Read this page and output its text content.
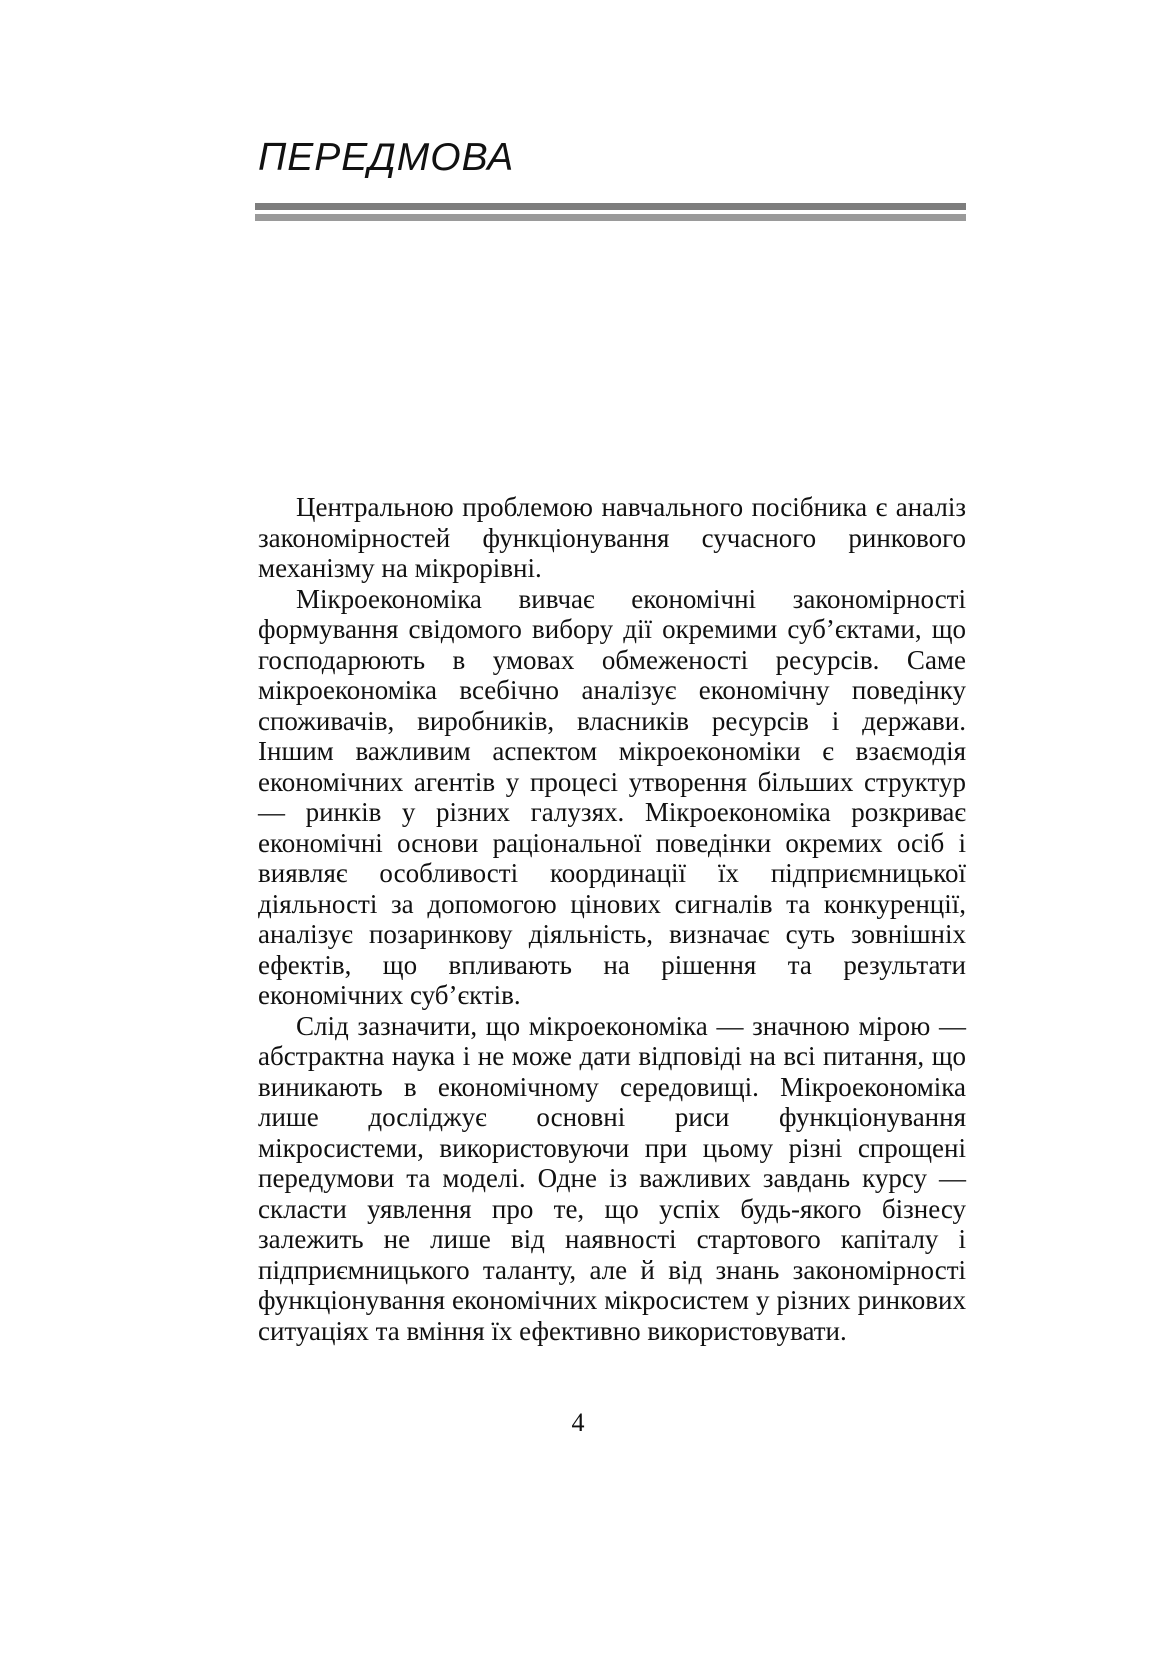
ПЕРЕДМОВА

Центральною проблемою навчального посібника є аналіз закономірностей функціонування сучасного ринкового механізму на мікрорівні.

Мікроекономіка вивчає економічні закономірності формування свідомого вибору дії окремими суб’єктами, що господарюють в умовах обмеженості ресурсів. Саме мікроекономіка всебічно аналізує економічну поведінку споживачів, виробників, власників ресурсів і держави. Іншим важливим аспектом мікроекономіки є взаємодія економічних агентів у процесі утворення більших структур — ринків у різних галузях. Мікроекономіка розкриває економічні основи раціональної поведінки окремих осіб і виявляє особливості координації їх підприємницької діяльності за допомогою цінових сигналів та конкуренції, аналізує позаринкову діяльність, визначає суть зовнішніх ефектів, що впливають на рішення та результати економічних суб’єктів.

Слід зазначити, що мікроекономіка — значною мірою — абстрактна наука і не може дати відповіді на всі питання, що виникають в економічному середовищі. Мікроекономіка лише досліджує основні риси функціонування мікросистеми, використовуючи при цьому різні спрощені передумови та моделі. Одне із важливих завдань курсу — скласти уявлення про те, що успіх будь-якого бізнесу залежить не лише від наявності стартового капіталу і підприємницького таланту, але й від знань закономірності функціонування економічних мікросистем у різних ринкових ситуаціях та вміння їх ефективно використовувати.

4
